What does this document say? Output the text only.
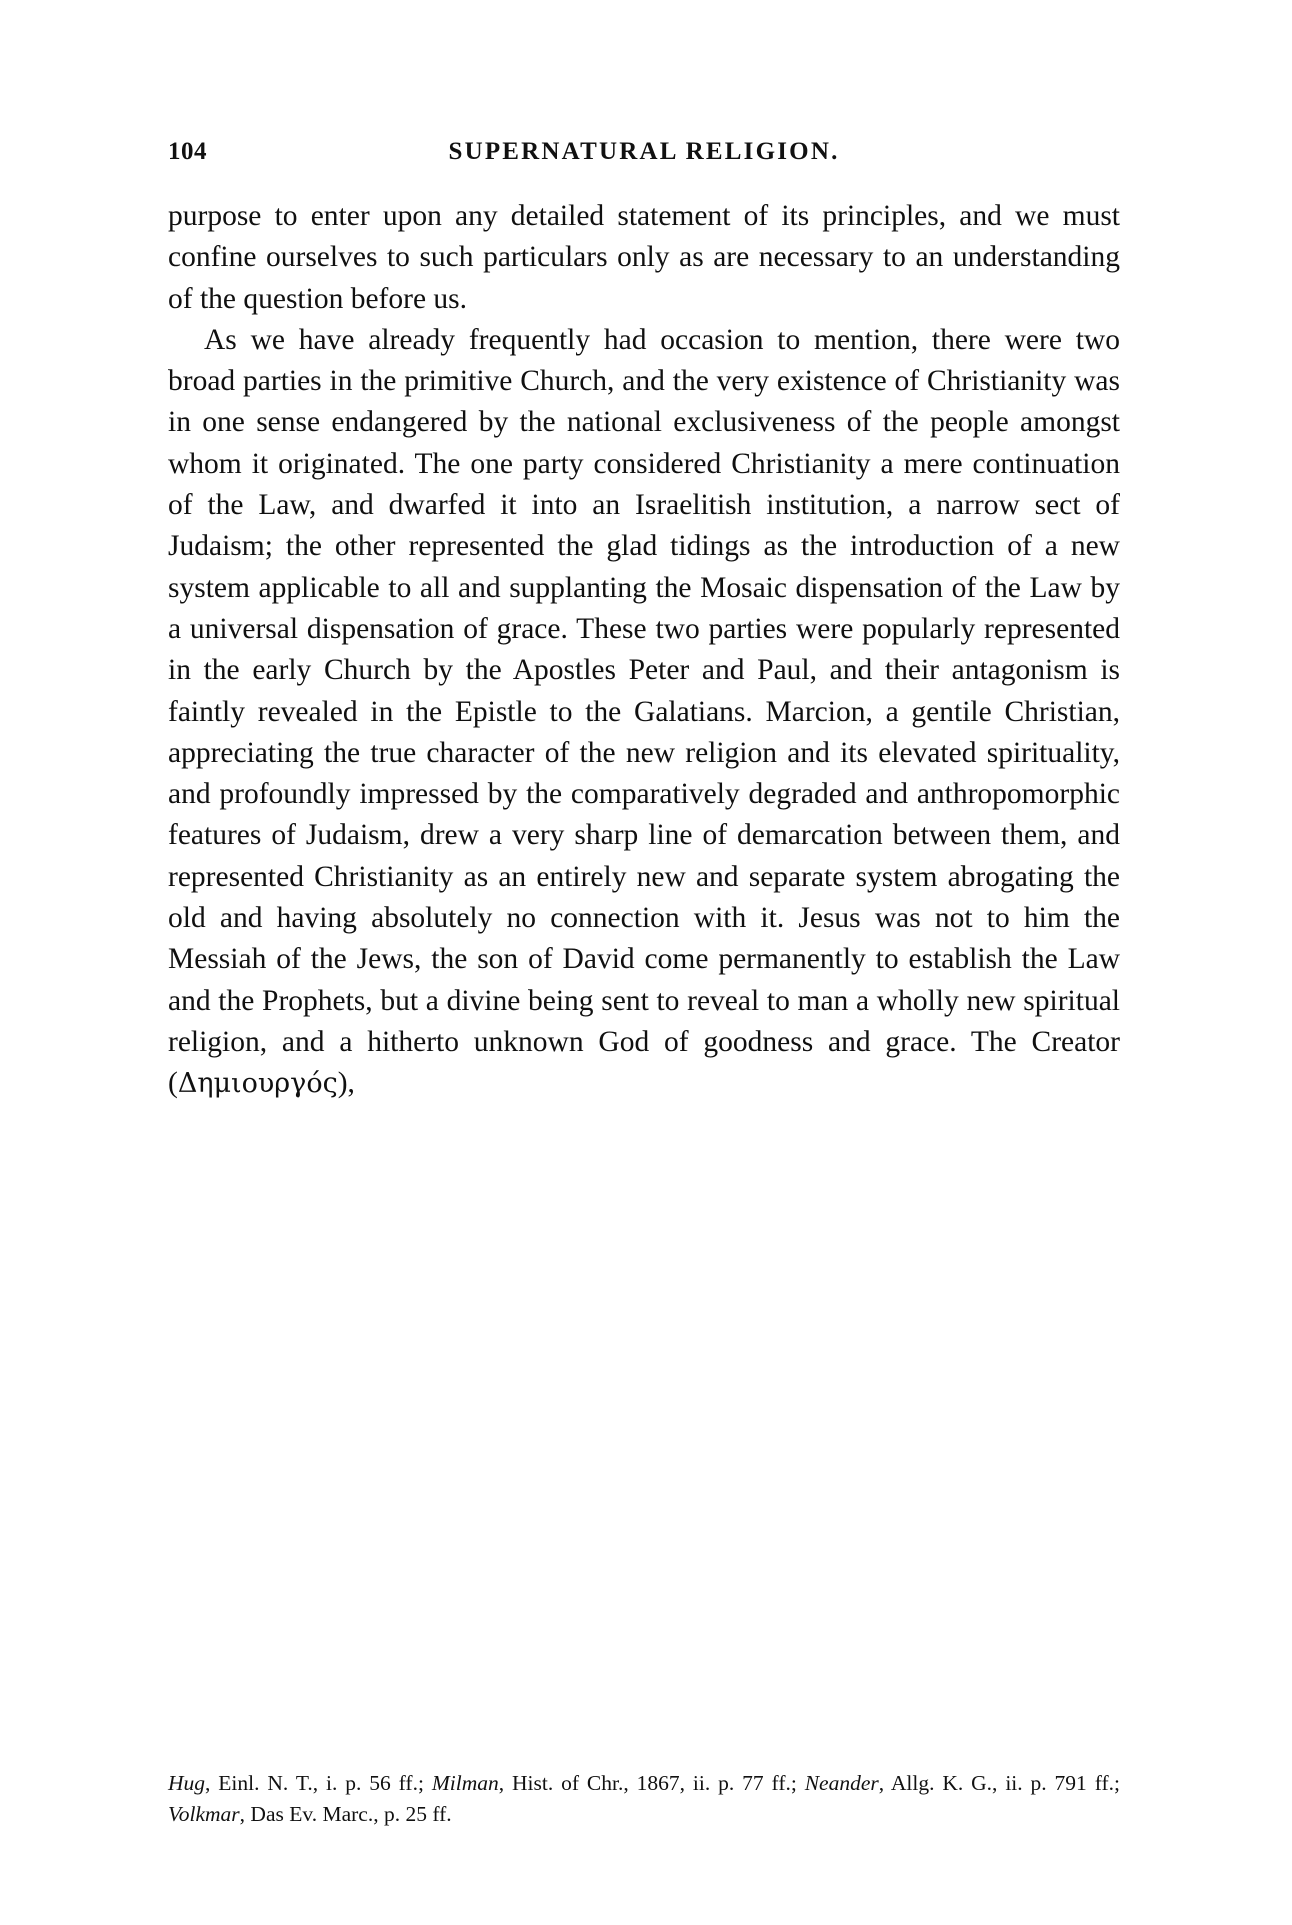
104	SUPERNATURAL RELIGION.

purpose to enter upon any detailed statement of its principles, and we must confine ourselves to such particulars only as are necessary to an understanding of the question before us.

As we have already frequently had occasion to mention, there were two broad parties in the primitive Church, and the very existence of Christianity was in one sense endangered by the national exclusiveness of the people amongst whom it originated. The one party considered Christianity a mere continuation of the Law, and dwarfed it into an Israelitish institution, a narrow sect of Judaism; the other represented the glad tidings as the introduction of a new system applicable to all and supplanting the Mosaic dispensation of the Law by a universal dispensation of grace. These two parties were popularly represented in the early Church by the Apostles Peter and Paul, and their antagonism is faintly revealed in the Epistle to the Galatians. Marcion, a gentile Christian, appreciating the true character of the new religion and its elevated spirituality, and profoundly impressed by the comparatively degraded and anthropomorphic features of Judaism, drew a very sharp line of demarcation between them, and represented Christianity as an entirely new and separate system abrogating the old and having absolutely no connection with it. Jesus was not to him the Messiah of the Jews, the son of David come permanently to establish the Law and the Prophets, but a divine being sent to reveal to man a wholly new spiritual religion, and a hitherto unknown God of goodness and grace. The Creator (Δημιουργός),

Hug, Einl. N. T., i. p. 56 ff.; Milman, Hist. of Chr., 1867, ii. p. 77 ff.; Neander, Allg. K. G., ii. p. 791 ff.; Volkmar, Das Ev. Marc., p. 25 ff.
